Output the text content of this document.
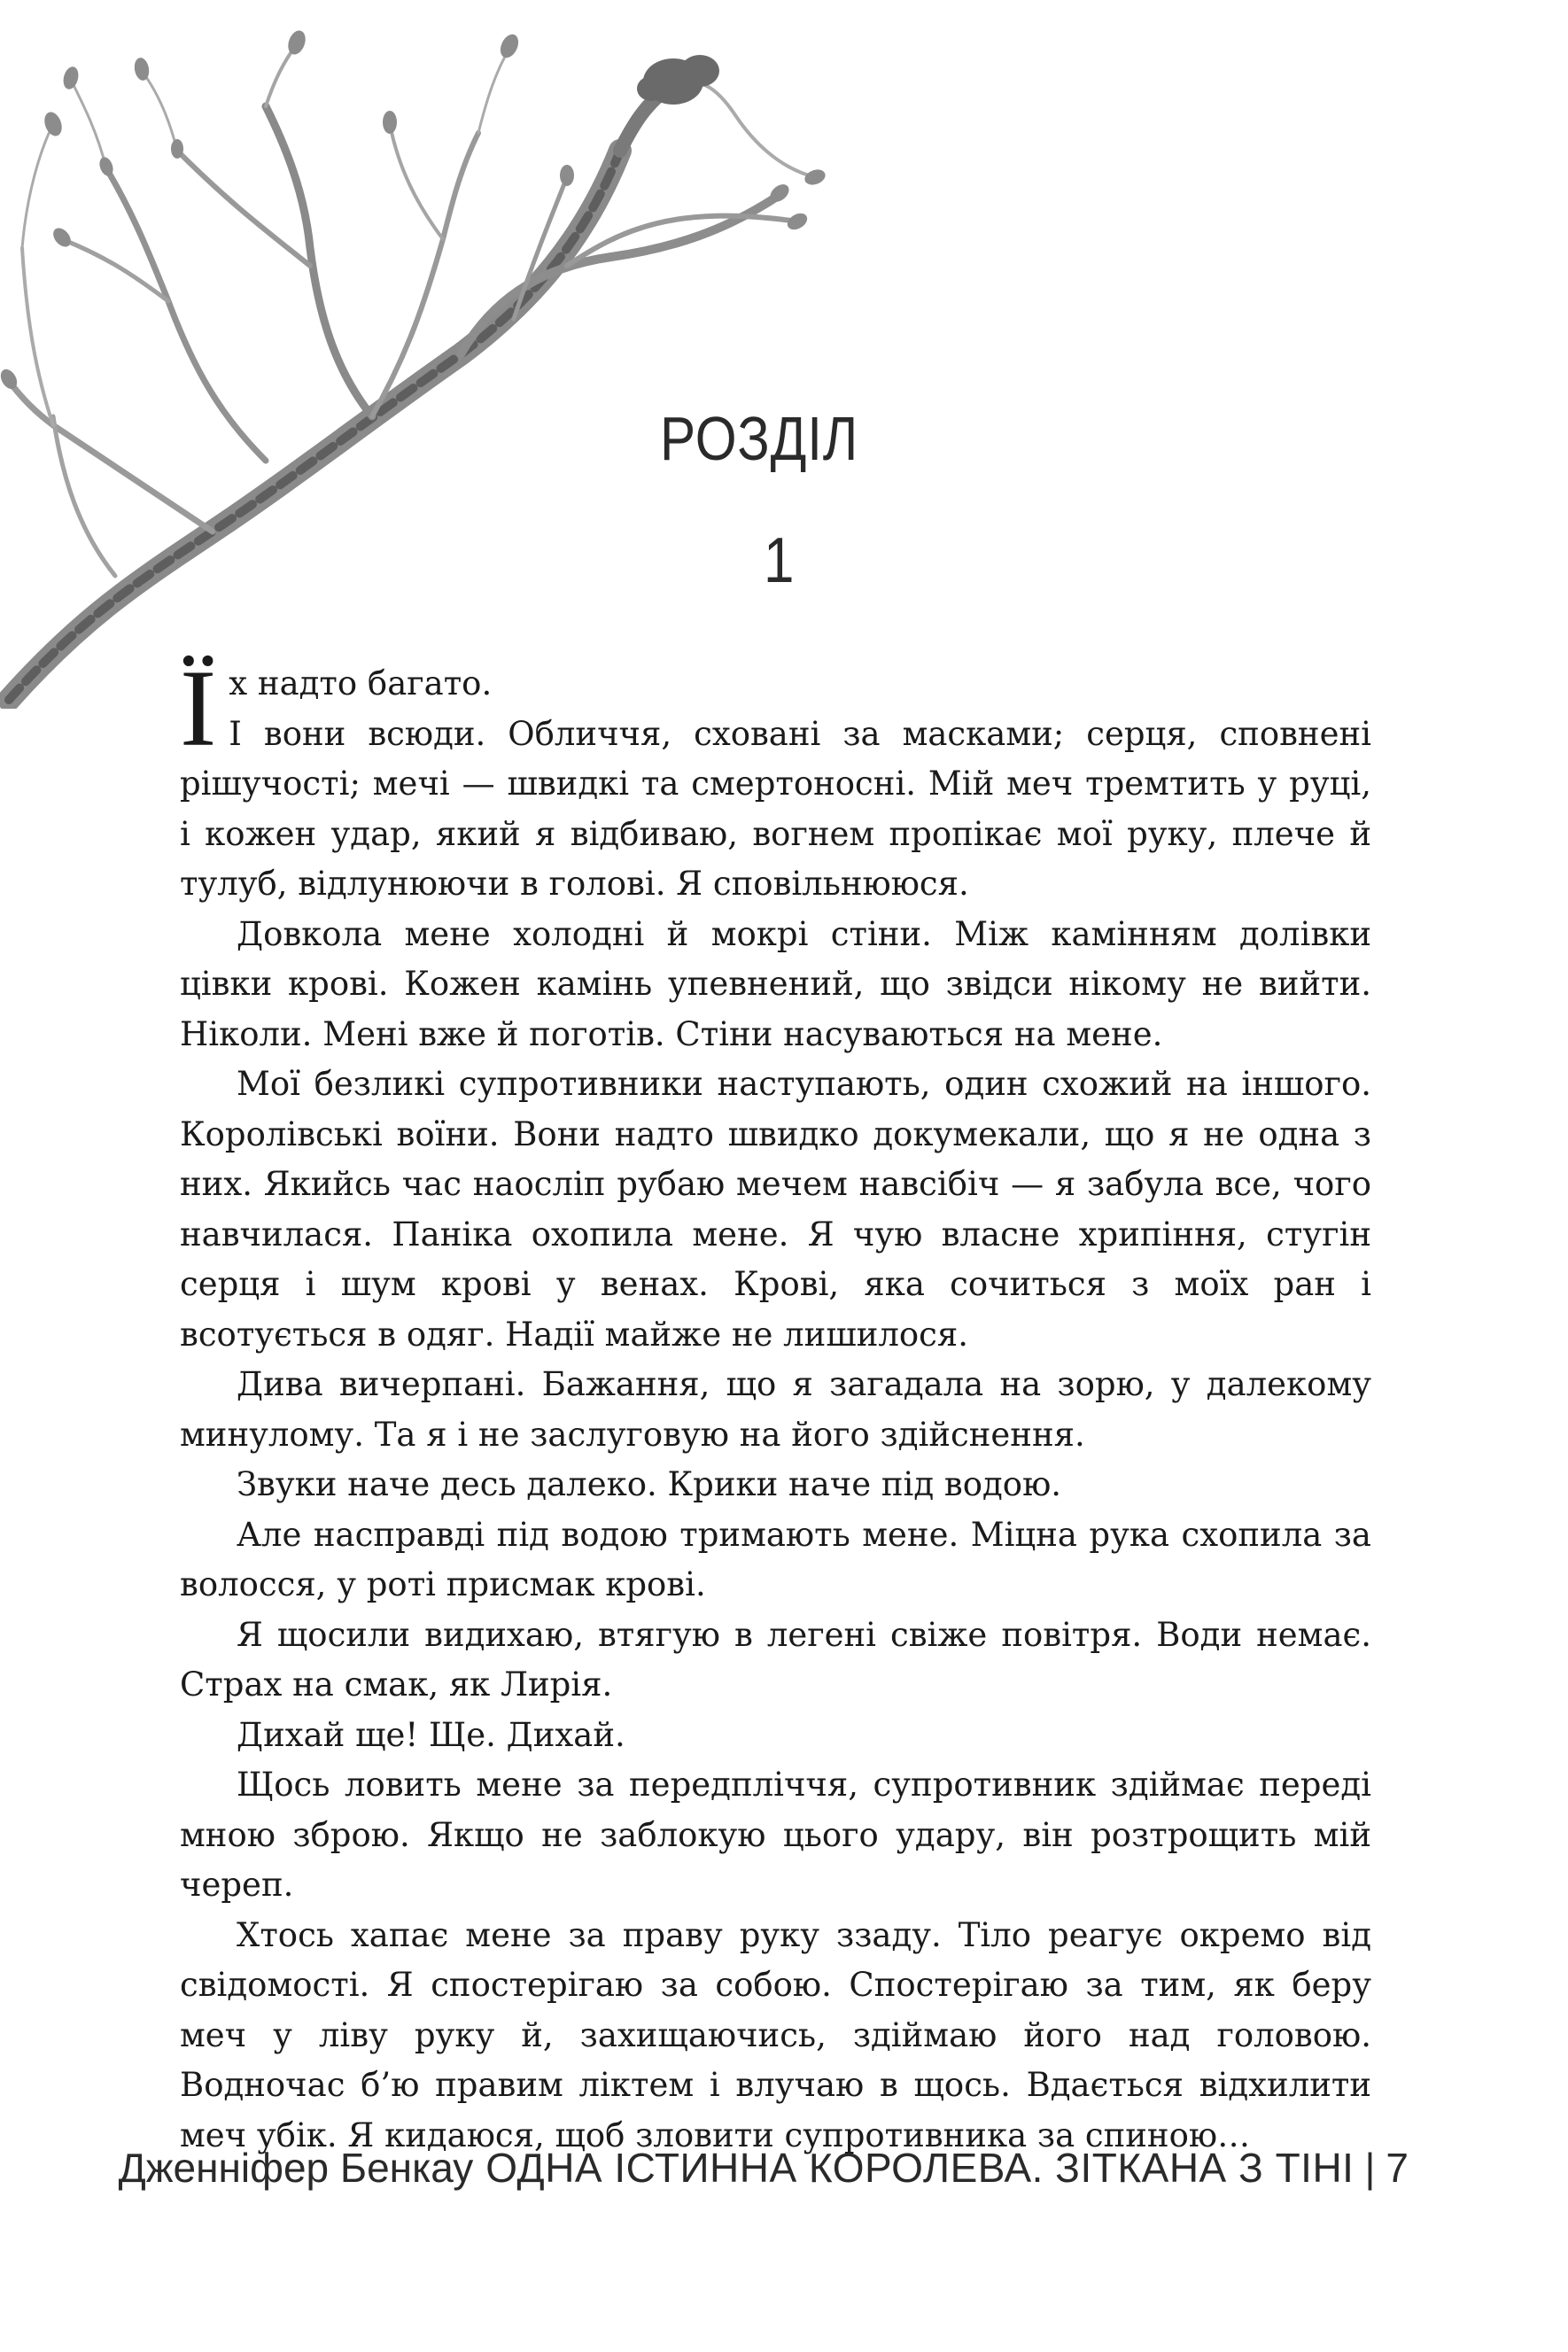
РОЗДІЛ
1

Їх надто багато.
І вони всюди. Обличчя, сховані за масками; серця, сповнені рішучості; мечі — швидкі та смертоносні. Мій меч тремтить у руці, і кожен удар, який я відбиваю, вогнем пропікає мої руку, плече й тулуб, відлунюючи в голові. Я сповільнююся.

Довкола мене холодні й мокрі стіни. Між камінням долівки цівки крові. Кожен камінь упевнений, що звідси нікому не вийти. Ніколи. Мені вже й поготів. Стіни насуваються на мене.

Мої безликі супротивники наступають, один схожий на іншого. Королівські воїни. Вони надто швидко докумекали, що я не одна з них. Якийсь час наосліп рубаю мечем навсібіч — я забула все, чого навчилася. Паніка охопила мене. Я чую власне хрипіння, стугін серця і шум крові у венах. Крові, яка сочиться з моїх ран і всотується в одяг. Надії майже не лишилося.

Дива вичерпані. Бажання, що я загадала на зорю, у далекому минулому. Та я і не заслуговую на його здійснення.

Звуки наче десь далеко. Крики наче під водою.

Але насправді під водою тримають мене. Міцна рука схопила за волосся, у роті присмак крові.

Я щосили видихаю, втягую в легені свіже повітря. Води немає. Страх на смак, як Лирія.

Дихай ще! Ще. Дихай.

Щось ловить мене за передпліччя, супротивник здіймає переді мною зброю. Якщо не заблокую цього удару, він розтрощить мій череп.

Хтось хапає мене за праву руку ззаду. Тіло реагує окремо від свідомості. Я спостерігаю за собою. Спостерігаю за тим, як беру меч у ліву руку й, захищаючись, здіймаю його над головою. Водночас б’ю правим ліктем і влучаю в щось. Вдається відхилити меч убік. Я кидаюся, щоб зловити супротивника за спиною…

Дженніфер Бенкау ОДНА ІСТИННА КОРОЛЕВА. ЗІТКАНА З ТІНІ | 7
